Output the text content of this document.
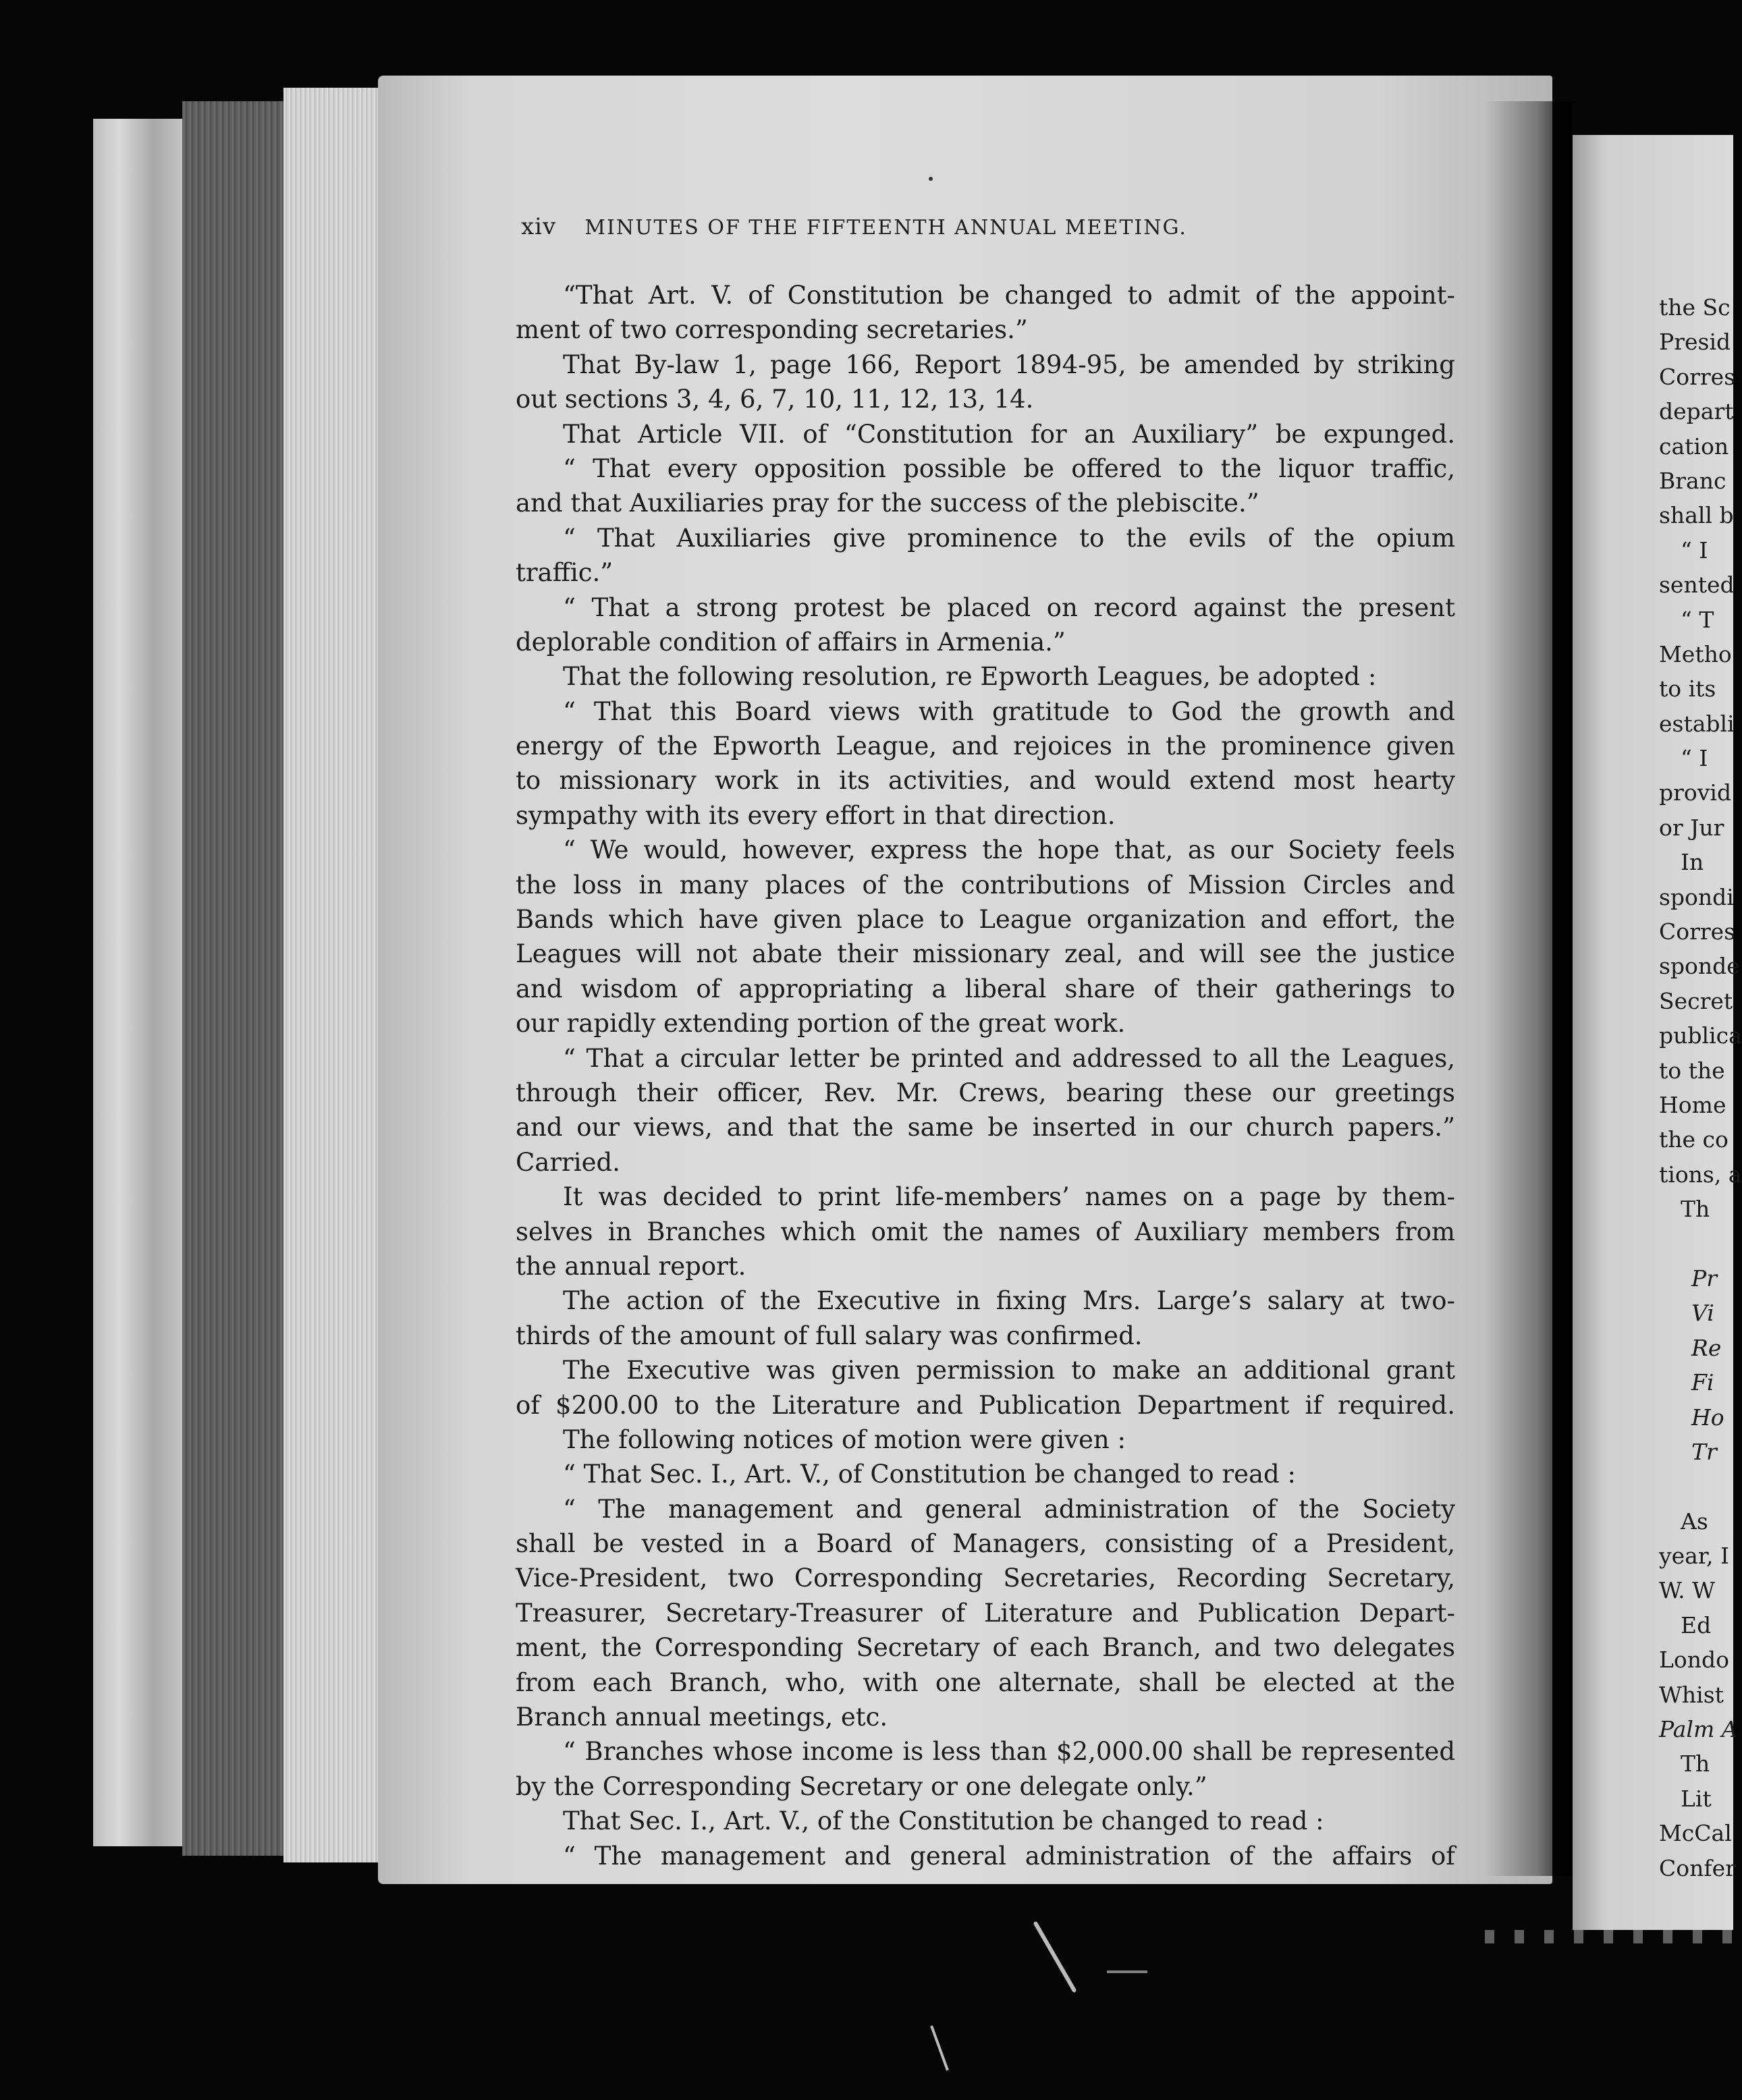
xiv MINUTES OF THE FIFTEENTH ANNUAL MEETING.
“That Art. V. of Constitution be changed to admit of the appoint-
ment of two corresponding secretaries.”
That By-law 1, page 166, Report 1894-95, be amended by striking
out sections 3, 4, 6, 7, 10, 11, 12, 13, 14.
That Article VII. of “Constitution for an Auxiliary” be expunged.
“ That every opposition possible be offered to the liquor traffic,
and that Auxiliaries pray for the success of the plebiscite.”
“ That Auxiliaries give prominence to the evils of the opium
traffic.”
“ That a strong protest be placed on record against the present
deplorable condition of affairs in Armenia.”
That the following resolution, re Epworth Leagues, be adopted :
“ That this Board views with gratitude to God the growth and
energy of the Epworth League, and rejoices in the prominence given
to missionary work in its activities, and would extend most hearty
sympathy with its every effort in that direction.
“ We would, however, express the hope that, as our Society feels
the loss in many places of the contributions of Mission Circles and
Bands which have given place to League organization and effort, the
Leagues will not abate their missionary zeal, and will see the justice
and wisdom of appropriating a liberal share of their gatherings to
our rapidly extending portion of the great work.
“ That a circular letter be printed and addressed to all the Leagues,
through their officer, Rev. Mr. Crews, bearing these our greetings
and our views, and that the same be inserted in our church papers.”
Carried.
It was decided to print life-members’ names on a page by them-
selves in Branches which omit the names of Auxiliary members from
the annual report.
The action of the Executive in fixing Mrs. Large’s salary at two-
thirds of the amount of full salary was confirmed.
The Executive was given permission to make an additional grant
of $200.00 to the Literature and Publication Department if required.
The following notices of motion were given :
“ That Sec. I., Art. V., of Constitution be changed to read :
“ The management and general administration of the Society
shall be vested in a Board of Managers, consisting of a President,
Vice-President, two Corresponding Secretaries, Recording Secretary,
Treasurer, Secretary-Treasurer of Literature and Publication Depart-
ment, the Corresponding Secretary of each Branch, and two delegates
from each Branch, who, with one alternate, shall be elected at the
Branch annual meetings, etc.
“ Branches whose income is less than $2,000.00 shall be represented
by the Corresponding Secretary or one delegate only.”
That Sec. I., Art. V., of the Constitution be changed to read :
“ The management and general administration of the affairs of
the Sc
Presid
Corres
depart
cation
Branc
shall b
“ I
sented
“ T
Metho
to its
establi
“ I
provid
or Jur
In
spondi
Corres
sponde
Secret
publica
to the
Home
the co
tions, a
Th
Pr
Vi
Re
Fi
Ho
Tr
As
year, I
W. W
Ed
Londo
Whist
Palm A
Th
Lit
McCal
Confer
